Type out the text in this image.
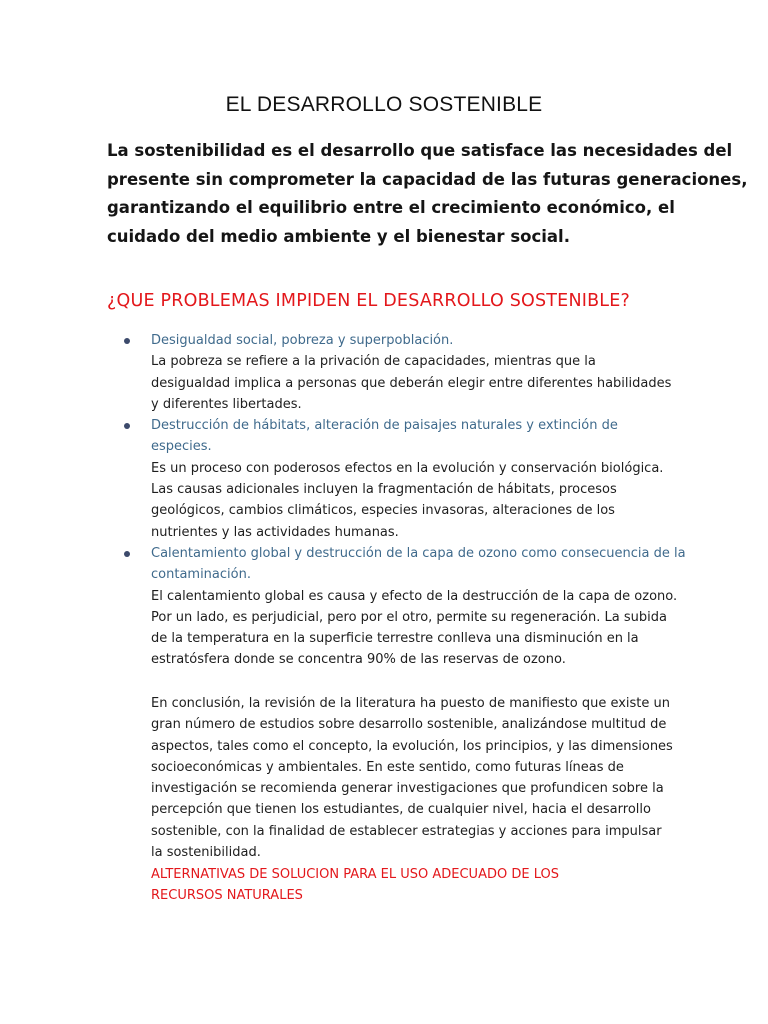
EL DESARROLLO SOSTENIBLE
La sostenibilidad es el desarrollo que satisface las necesidades del
presente sin comprometer la capacidad de las futuras generaciones,
garantizando el equilibrio entre el crecimiento económico, el
cuidado del medio ambiente y el bienestar social.
¿QUE PROBLEMAS IMPIDEN EL DESARROLLO SOSTENIBLE?
Desigualdad social, pobreza y superpoblación.
La pobreza se refiere a la privación de capacidades, mientras que la
desigualdad implica a personas que deberán elegir entre diferentes habilidades
y diferentes libertades.
Destrucción de hábitats, alteración de paisajes naturales y extinción de
especies.
Es un proceso con poderosos efectos en la evolución y conservación biológica.
Las causas adicionales incluyen la fragmentación de hábitats, procesos
geológicos, cambios climáticos, especies invasoras, alteraciones de los
nutrientes y las actividades humanas.
Calentamiento global y destrucción de la capa de ozono como consecuencia de la
contaminación.
El calentamiento global es causa y efecto de la destrucción de la capa de ozono.
Por un lado, es perjudicial, pero por el otro, permite su regeneración. La subida
de la temperatura en la superficie terrestre conlleva una disminución en la
estratósfera donde se concentra 90% de las reservas de ozono.
En conclusión, la revisión de la literatura ha puesto de manifiesto que existe un
gran número de estudios sobre desarrollo sostenible, analizándose multitud de
aspectos, tales como el concepto, la evolución, los principios, y las dimensiones
socioeconómicas y ambientales. En este sentido, como futuras líneas de
investigación se recomienda generar investigaciones que profundicen sobre la
percepción que tienen los estudiantes, de cualquier nivel, hacia el desarrollo
sostenible, con la finalidad de establecer estrategias y acciones para impulsar
la sostenibilidad.
ALTERNATIVAS DE SOLUCION PARA EL USO ADECUADO DE LOS
RECURSOS NATURALES
